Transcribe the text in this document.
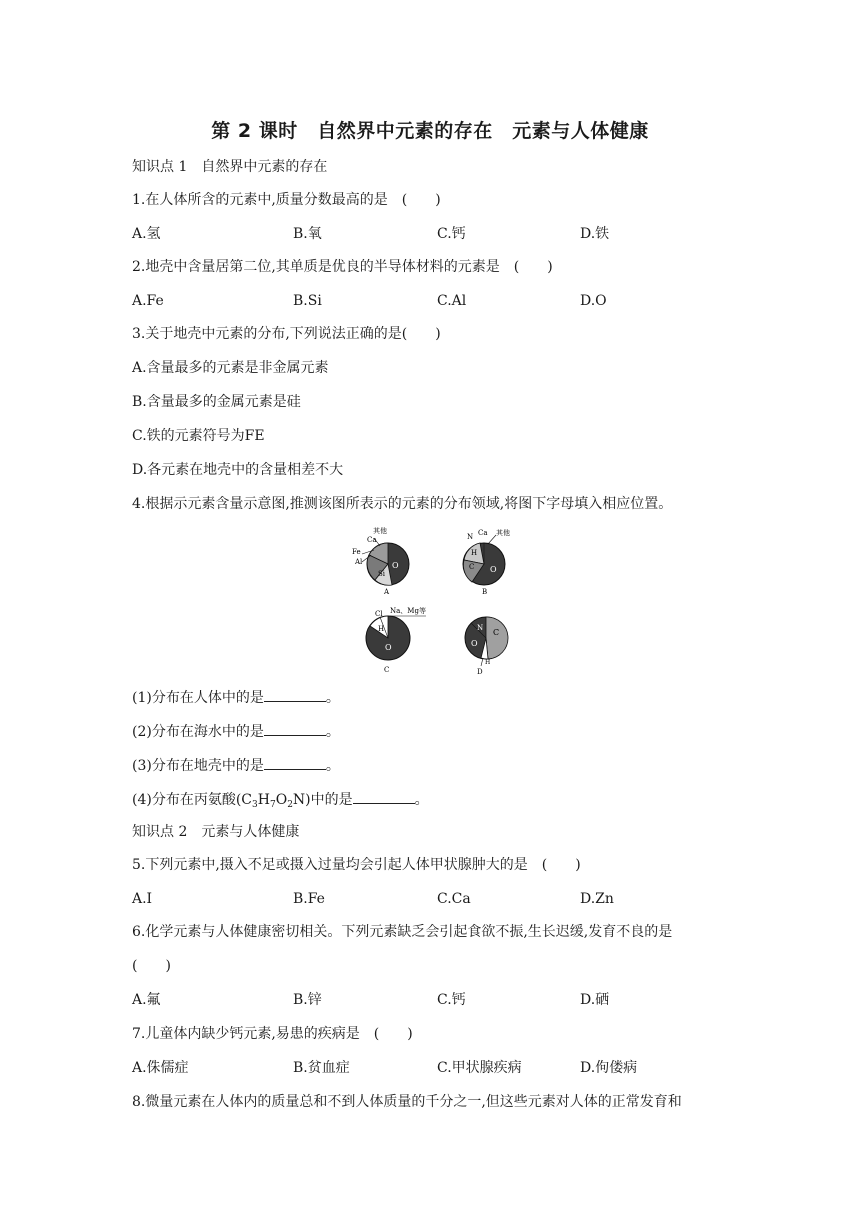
第 2 课时　自然界中元素的存在　元素与人体健康
知识点 1　自然界中元素的存在
1.在人体所含的元素中,质量分数最高的是　(　　)
A.氢	B.氧	C.钙	D.铁
2.地壳中含量居第二位,其单质是优良的半导体材料的元素是　(　　)
A.Fe	B.Si	C.Al	D.O
3.关于地壳中元素的分布,下列说法正确的是(　　)
A.含量最多的元素是非金属元素
B.含量最多的金属元素是硅
C.铁的元素符号为FE
D.各元素在地壳中的含量相差不大
4.根据示元素含量示意图,推测该图所表示的元素的分布领域,将图下字母填入相应位置。
其他
Ca
Fe
Al
Si
O
A
N Ca 其他
H
C O
B
Na、Mg等
Cl
H
O
C
N C
O
H
D
(1)分布在人体中的是	。
(2)分布在海水中的是	。
(3)分布在地壳中的是	。
(4)分布在丙氨酸$(C_3H_7O_2N)$中的是	。
知识点 2　元素与人体健康
5.下列元素中,摄入不足或摄入过量均会引起人体甲状腺肿大的是　(　　)
A.I	B.Fe	C.Ca	D.Zn
6.化学元素与人体健康密切相关。下列元素缺乏会引起食欲不振,生长迟缓,发育不良的是
(　　)
A.氟	B.锌	C.钙	D.硒
7.儿童体内缺少钙元素,易患的疾病是　(　　)
A.侏儒症	B.贫血症	C.甲状腺疾病	D.佝偻病
8.微量元素在人体内的质量总和不到人体质量的千分之一,但这些元素对人体的正常发育和
